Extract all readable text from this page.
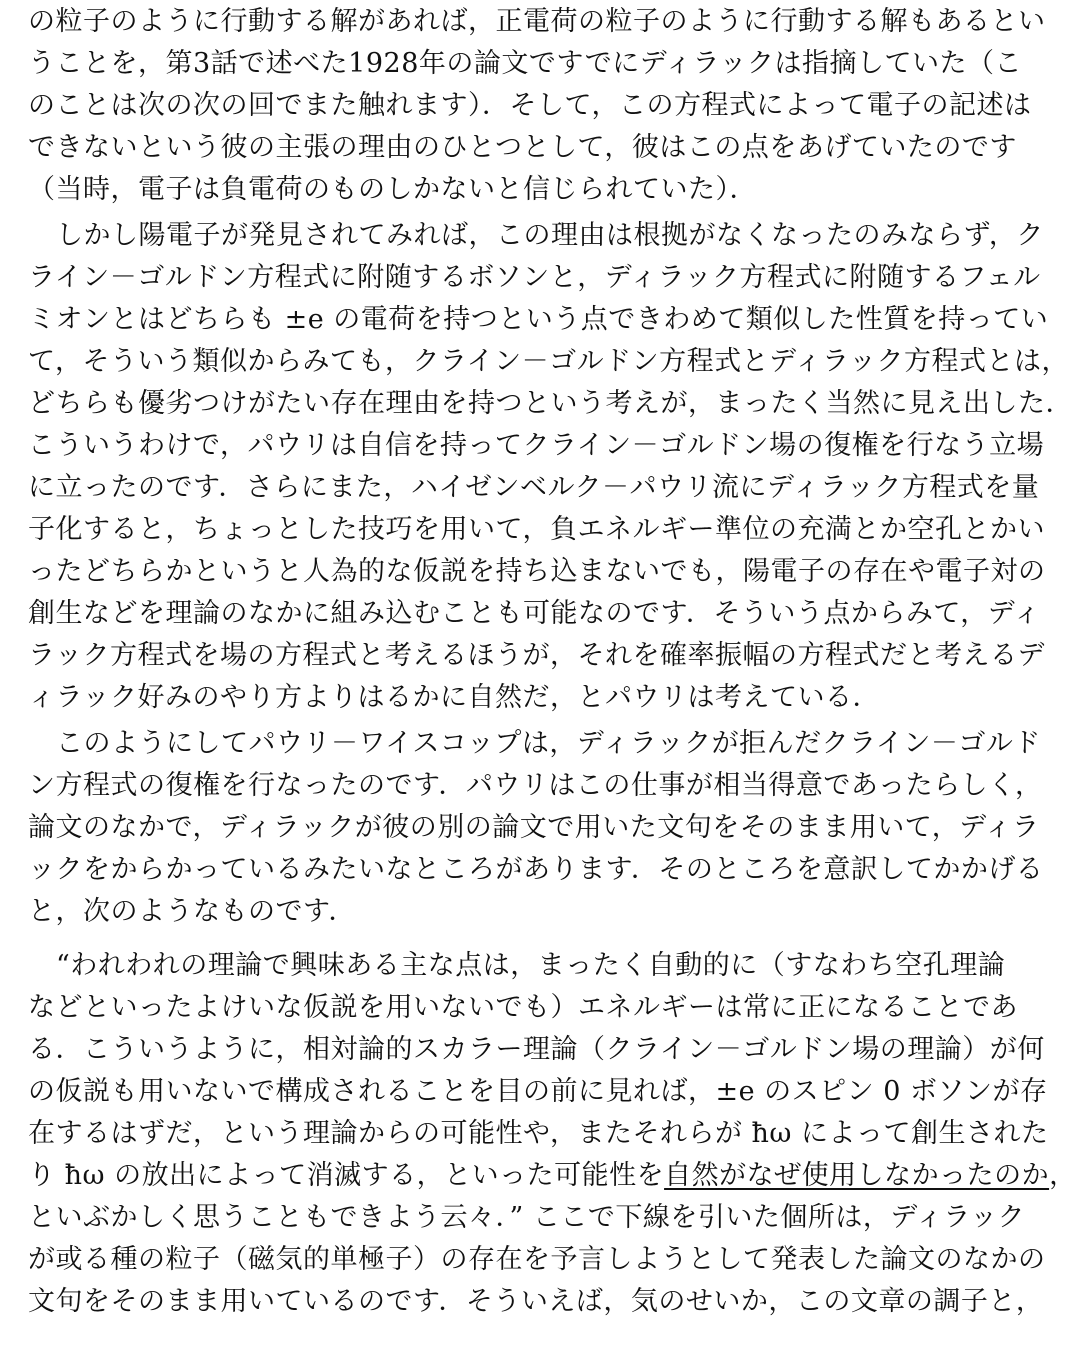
の粒子のように行動する解があれば，正電荷の粒子のように行動する解もあるとい
うことを，第3話で述べた1928年の論文ですでにディラックは指摘していた（こ
のことは次の次の回でまた触れます）．そして，この方程式によって電子の記述は
できないという彼の主張の理由のひとつとして，彼はこの点をあげていたのです
（当時，電子は負電荷のものしかないと信じられていた）．
しかし陽電子が発見されてみれば，この理由は根拠がなくなったのみならず，ク
ライン－ゴルドン方程式に附随するボソンと，ディラック方程式に附随するフェル
ミオンとはどちらも ±e の電荷を持つという点できわめて類似した性質を持ってい
て，そういう類似からみても，クライン－ゴルドン方程式とディラック方程式とは，
どちらも優劣つけがたい存在理由を持つという考えが，まったく当然に見え出した．
こういうわけで，パウリは自信を持ってクライン－ゴルドン場の復権を行なう立場
に立ったのです．さらにまた，ハイゼンベルク－パウリ流にディラック方程式を量
子化すると，ちょっとした技巧を用いて，負エネルギー準位の充満とか空孔とかい
ったどちらかというと人為的な仮説を持ち込まないでも，陽電子の存在や電子対の
創生などを理論のなかに組み込むことも可能なのです．そういう点からみて，ディ
ラック方程式を場の方程式と考えるほうが，それを確率振幅の方程式だと考えるデ
ィラック好みのやり方よりはるかに自然だ，とパウリは考えている．
このようにしてパウリ－ワイスコップは，ディラックが拒んだクライン－ゴルド
ン方程式の復権を行なったのです．パウリはこの仕事が相当得意であったらしく，
論文のなかで，ディラックが彼の別の論文で用いた文句をそのまま用いて，ディラ
ックをからかっているみたいなところがあります．そのところを意訳してかかげる
と，次のようなものです．
“われわれの理論で興味ある主な点は，まったく自動的に（すなわち空孔理論
などといったよけいな仮説を用いないでも）エネルギーは常に正になることであ
る．こういうように，相対論的スカラー理論（クライン－ゴルドン場の理論）が何
の仮説も用いないで構成されることを目の前に見れば，±e のスピン 0 ボソンが存
在するはずだ，という理論からの可能性や，またそれらが ħω によって創生された
り ħω の放出によって消滅する，といった可能性を自然がなぜ使用しなかったのか，
といぶかしく思うこともできよう云々．” ここで下線を引いた個所は，ディラック
が或る種の粒子（磁気的単極子）の存在を予言しようとして発表した論文のなかの
文句をそのまま用いているのです．そういえば，気のせいか，この文章の調子と，
